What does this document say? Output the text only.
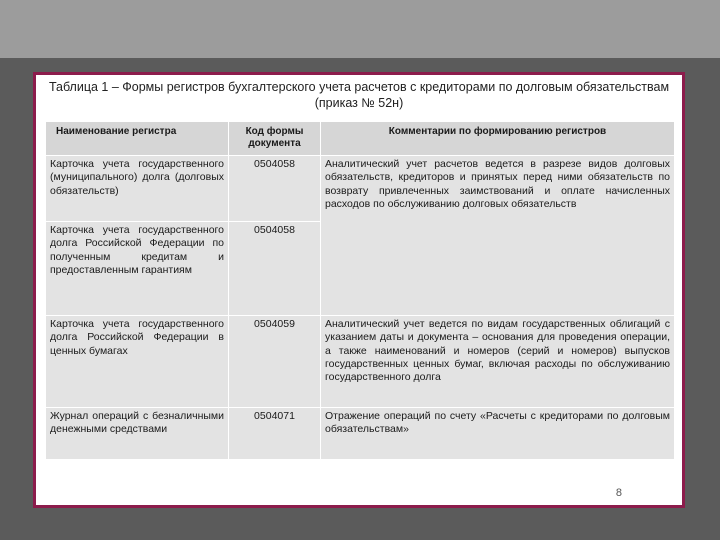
Таблица 1 – Формы регистров бухгалтерского учета расчетов с кредиторами по долговым обязательствам (приказ № 52н)
Наименование регистра	Код формы документа	Комментарии по формированию регистров
Карточка учета государственного (муниципального) долга (долговых обязательств)	0504058	Аналитический учет расчетов ведется в разрезе видов долговых обязательств, кредиторов и принятых перед ними обязательств по возврату привлеченных заимствований и оплате начисленных расходов по обслуживанию долговых обязательств
Карточка учета государственного долга Российской Федерации по полученным кредитам и предоставленным гарантиям	0504058	
Карточка учета государственного долга Российской Федерации в ценных бумагах	0504059	Аналитический учет ведется по видам государственных облигаций с указанием даты и документа – основания для проведения операции, а также наименований и номеров (серий и номеров) выпусков государственных ценных бумаг, включая расходы по обслуживанию государственного долга
Журнал операций с безналичными денежными средствами	0504071	Отражение операций по счету «Расчеты с кредиторами по долговым обязательствам»
8
